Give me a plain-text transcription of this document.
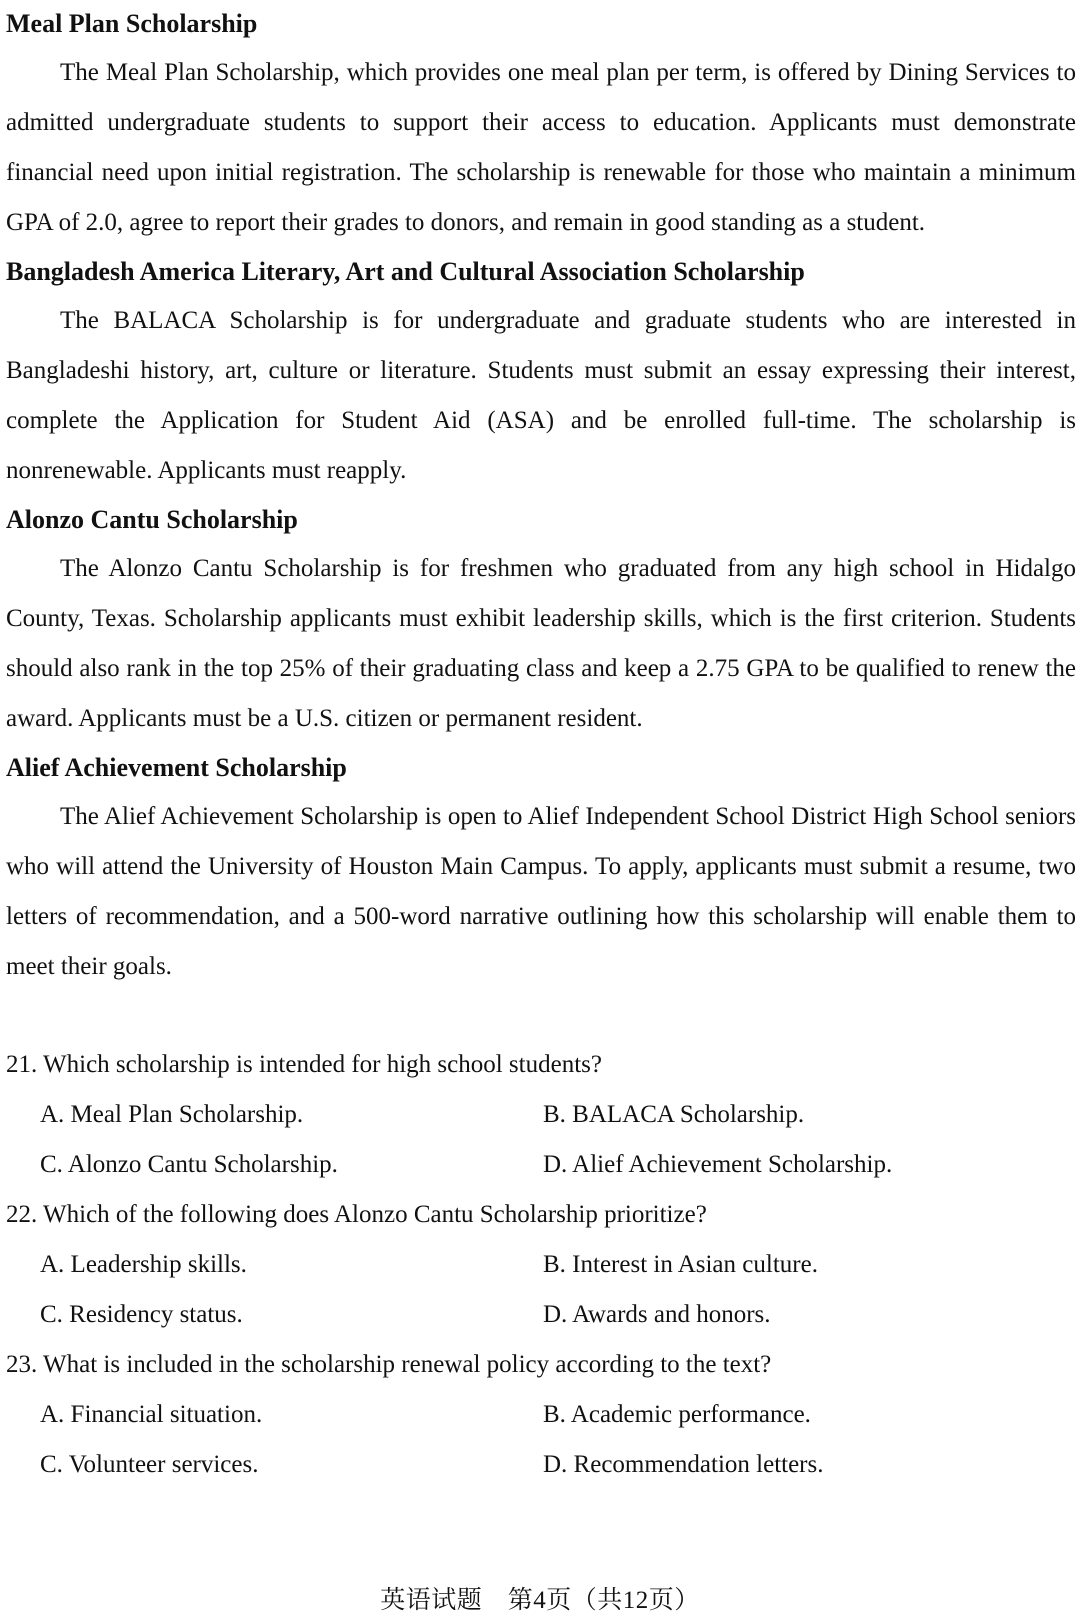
Meal Plan Scholarship

The Meal Plan Scholarship, which provides one meal plan per term, is offered by Dining Services to admitted undergraduate students to support their access to education. Applicants must demonstrate financial need upon initial registration. The scholarship is renewable for those who maintain a minimum GPA of 2.0, agree to report their grades to donors, and remain in good standing as a student.

Bangladesh America Literary, Art and Cultural Association Scholarship

The BALACA Scholarship is for undergraduate and graduate students who are interested in Bangladeshi history, art, culture or literature. Students must submit an essay expressing their interest, complete the Application for Student Aid (ASA) and be enrolled full-time. The scholarship is nonrenewable. Applicants must reapply.

Alonzo Cantu Scholarship

The Alonzo Cantu Scholarship is for freshmen who graduated from any high school in Hidalgo County, Texas. Scholarship applicants must exhibit leadership skills, which is the first criterion. Students should also rank in the top 25% of their graduating class and keep a 2.75 GPA to be qualified to renew the award. Applicants must be a U.S. citizen or permanent resident.

Alief Achievement Scholarship

The Alief Achievement Scholarship is open to Alief Independent School District High School seniors who will attend the University of Houston Main Campus. To apply, applicants must submit a resume, two letters of recommendation, and a 500-word narrative outlining how this scholarship will enable them to meet their goals.

21. Which scholarship is intended for high school students?

A. Meal Plan Scholarship.	B. BALACA Scholarship.
C. Alonzo Cantu Scholarship.	D. Alief Achievement Scholarship.

22. Which of the following does Alonzo Cantu Scholarship prioritize?

A. Leadership skills.	B. Interest in Asian culture.
C. Residency status.	D. Awards and honors.

23. What is included in the scholarship renewal policy according to the text?

A. Financial situation.	B. Academic performance.
C. Volunteer services.	D. Recommendation letters.
英语试题　第4页（共12页）
